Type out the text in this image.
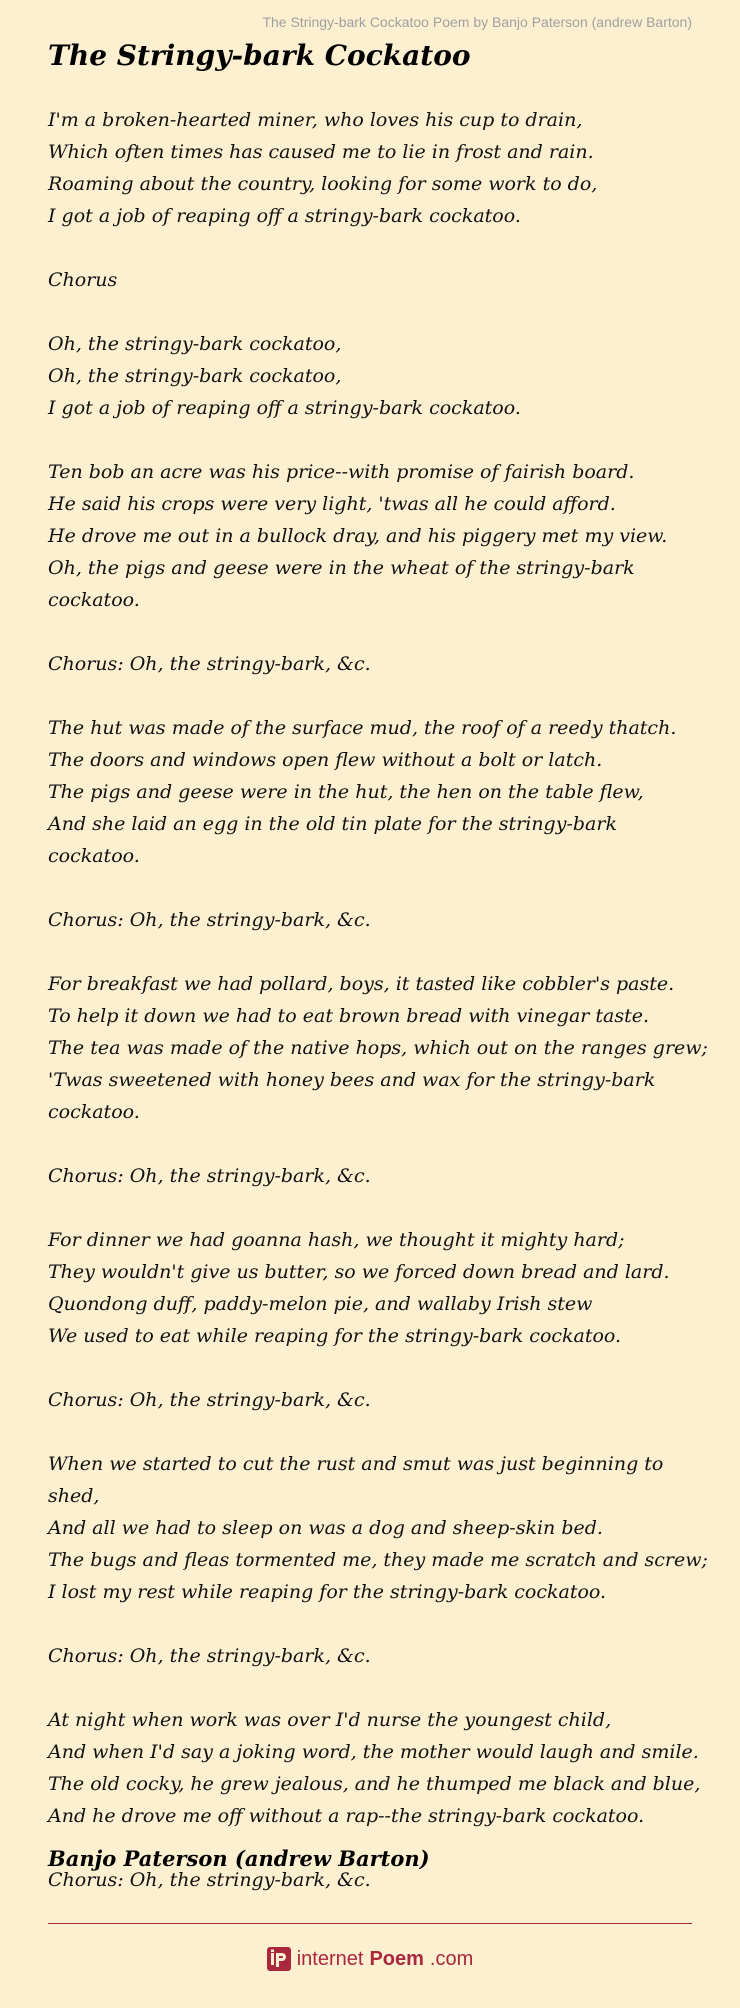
The Stringy-bark Cockatoo Poem by Banjo Paterson (andrew Barton)
The Stringy-bark Cockatoo

I'm a broken-hearted miner, who loves his cup to drain,
Which often times has caused me to lie in frost and rain.
Roaming about the country, looking for some work to do,
I got a job of reaping off a stringy-bark cockatoo.

Chorus

Oh, the stringy-bark cockatoo,
Oh, the stringy-bark cockatoo,
I got a job of reaping off a stringy-bark cockatoo.

Ten bob an acre was his price--with promise of fairish board.
He said his crops were very light, 'twas all he could afford.
He drove me out in a bullock dray, and his piggery met my view.
Oh, the pigs and geese were in the wheat of the stringy-bark cockatoo.

Chorus: Oh, the stringy-bark, &c.

The hut was made of the surface mud, the roof of a reedy thatch.
The doors and windows open flew without a bolt or latch.
The pigs and geese were in the hut, the hen on the table flew,
And she laid an egg in the old tin plate for the stringy-bark cockatoo.

Chorus: Oh, the stringy-bark, &c.

For breakfast we had pollard, boys, it tasted like cobbler's paste.
To help it down we had to eat brown bread with vinegar taste.
The tea was made of the native hops, which out on the ranges grew;
'Twas sweetened with honey bees and wax for the stringy-bark cockatoo.

Chorus: Oh, the stringy-bark, &c.

For dinner we had goanna hash, we thought it mighty hard;
They wouldn't give us butter, so we forced down bread and lard.
Quondong duff, paddy-melon pie, and wallaby Irish stew
We used to eat while reaping for the stringy-bark cockatoo.

Chorus: Oh, the stringy-bark, &c.

When we started to cut the rust and smut was just beginning to shed,
And all we had to sleep on was a dog and sheep-skin bed.
The bugs and fleas tormented me, they made me scratch and screw;
I lost my rest while reaping for the stringy-bark cockatoo.

Chorus: Oh, the stringy-bark, &c.

At night when work was over I'd nurse the youngest child,
And when I'd say a joking word, the mother would laugh and smile.
The old cocky, he grew jealous, and he thumped me black and blue,
And he drove me off without a rap--the stringy-bark cockatoo.

Chorus: Oh, the stringy-bark, &c.

Banjo Paterson (andrew Barton)
internet Poem .com
